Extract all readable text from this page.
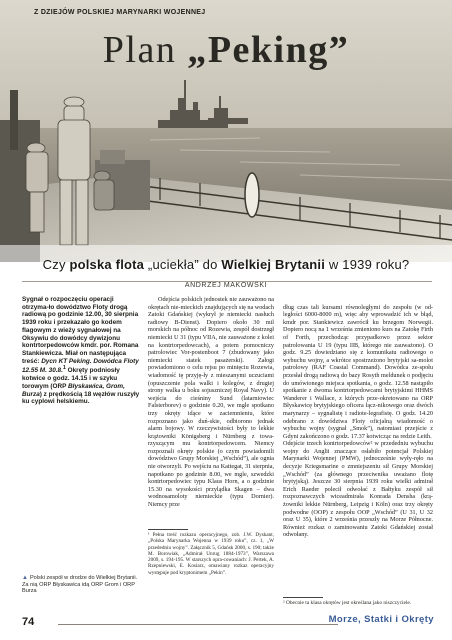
Z DZIEJÓW POLSKIEJ MARYNARKI WOJENNEJ
Plan „Peking”
Czy polska flota „uciekła” do Wielkiej Brytanii w 1939 roku?
ANDRZEJ MAKOWSKI

Sygnał o rozpoczęciu operacji otrzyma-ło dowództwo Floty drogą radiową po godzinie 12.00, 30 sierpnia 1939 roku i przekazało go kodem flagowym z wieży sygnałowej na Oksywiu do dowódcy dywizjonu kontrtorpedowców kmdr. por. Romana Stankiewicza. Miał on następująca treść: Dycn KT Peking. Dowódca Floty 12.55 M. 30.8.$^1$ Okręty podniosły kotwice o godz. 14.15 i w szyku torowym (ORP Błyskawica, Grom, Burza) z prędkością 18 węzłów ruszyły ku cyplowi helskiemu.

Odejścia polskich jednostek nie zauważono na okrętach nie-mieckich znajdujących się na wodach Zatoki Gdańskiej (wykrył je niemiecki nasłuch radiowy B-Dienst). Dopiero około 30 mil morskich na północ od Rozewia, zespół dostrzegł niemiecki U 31 (typu VIIA, nie zauważone z kolei na kontrtorpedowcach), a potem pomocniczy patrolowiec Vor-postenboot 7 (zbudowany jako niemiecki statek pasażerski). Załogi powiadomiono o celu rejsu po minięciu Rozewia, wiadomość tę przyję-ły z mieszanymi uczuciami (opuszczenie pola walki i kolegów, z drugiej strony walka u boku sojuszniczej Royal Navy). U wejścia do cieśniny Sund (latarniowiec Falsterborev) o godzinie 0.20, we mgle spotkano trzy okręty idące w zaciemnieniu, które rozpoznano jako duń-skie, odbiorono jednak alarm bojowy. W rzeczywistości były to lekkie krążowniki Königsberg i Nürnberg z towa-rzyszącym mu kontrtorpedowcem. Niemcy rozpoznali okręty polskie (o czym powiadomili dowództwo Grupy Morskiej „Wschód”), ale ognia nie otworzyli. Po wejściu na Kattegat, 31 sierpnia, napotkano po godzinie 8.00, we mgle, szwedzki kontrtorpedowiec typu Klaus Horn, a o godzinie 15.30 na wysokości przylądka Skagen – dwa wodnosamoloty niemieckie (typu Dornier). Niemcy prze

dług czas tali kursami równoległymi do zespołu (w od-ległości 6000-8000 m), więc aby wprowadzić ich w błąd, kmdr por. Stankiewicz zawrócił ku brzegom Norwegii. Dopiero nocą na 1 września zmieniono kurs na Zatokę Firth of Forth, przechodząc przypadkowo przez sektor patrolowania U 19 (typu IIB, którego nie zauważono). O godz. 9.25 dowiedziano się z komunikatu radiowego o wybuchu wojny, a wkrótce spostrzeżono brytyjski sa-molot patrolowy (RAF Coastal Command). Dowódca ze-społu przesłał drogą radiową do bazy Rosyth meldunek o podjęciu do umówionego miejsca spotkania, o godz. 12.58 nastąpiło spotkanie z dwoma kontrtorpedowcami brytyjskimi HHMS Wanderer i Wallace, z których prze-okretowano na ORP Błyskawicę brytyjskiego oficera łącz-nikowego oraz dwóch marynarzy – sygnalistę i radiote-legrafistę. O godz. 14.20 odebrano z dowództwa Floty oficjalną wiadomość o wybuchu wojny (sygnał „Smok”), natomiast przejście z Gdyni zakończono o godz. 17.37 kotwicząc na redzie Leith.
Odejście trzech kontrtorpedowców² w przededniu wybuchu wojny do Anglii znaczące osłabiło potencjał Polskiej Marynarki Wojennej (PMW), jednocześnie wyły-ręło na decyzje Kriegsmarine o zmniejszeniu sił Grupy Morskiej „Wschód” (za głównego przeciwnika uważano flotę brytyjską). Jeszcze 30 sierpnia 1939 roku wielki admirał Erich Raeder polecił odwołać z Bałtyku zespół sił rozpoznawczych wiceadmirała Konrada Densha (krą-żowniki lekkie Nürnberg, Leipzig i Köln) oraz trzy okręty podwodne (OOP) z zespołu OOP „Wschód” (U 31, U 32 oraz U 35), które 2 września przeszły na Morze Północne. Również rozkaz o zaminowaniu Zatoki Gdańskiej został odwołany.

▲ Polski zespół w drodze do Wielkiej Brytanii. Za nią ORP Błyskawica idą ORP Grom i ORP Burza
¹ Pełna treść rozkazu operacyjnego, zob. J.W. Dyskant, „Polska Marynarka Wojenna w 1939 roku”, cz. 1, „W przededniu wojny”. Załącznik 5, Gdańsk 2000, s. 190; także M. Borowiak, „Admirał Unrug 1884-1973”, Warszawa 2009, s. 194-195. W starszych opra-cowaniach: J. Pertek, A. Rzepniewski, E. Kosiarz, omawiany rozkaz operacyjny występuje pod kryptonimem „Pekin”.
² Obecnie ta klasa okrętów jest określana jako niszczyciele.
74	Morze, Statki i Okręty
